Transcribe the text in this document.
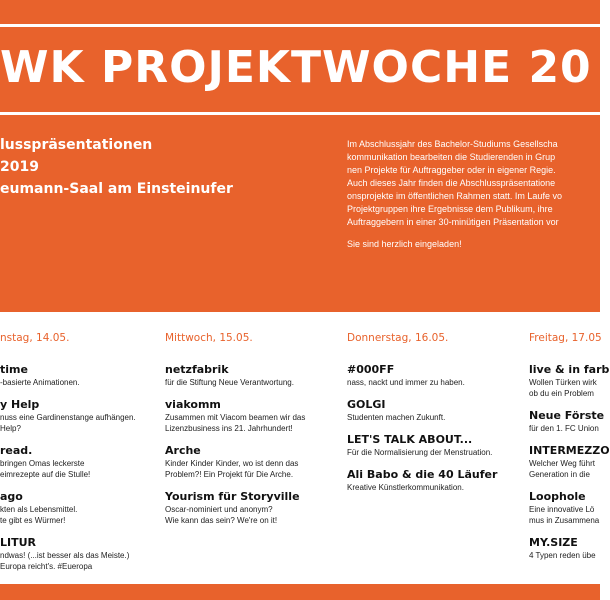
WK PROJEKTWOCHE 20
lusspräsentationen
2019
eumann-Saal am Einsteinufer
Im Abschlussjahr des Bachelor-Studiums Gesellscha
kommunikation bearbeiten die Studierenden in Grup
nen Projekte für Auftraggeber oder in eigener Regie.
Auch dieses Jahr finden die Abschlusspräsentatione
onsprojekte im öffentlichen Rahmen statt. Im Laufe vo
Projektgruppen ihre Ergebnisse dem Publikum, ihre
Auftraggebern in einer 30-minütigen Präsentation vor
Sie sind herzlich eingeladen!
nstag, 14.05.
time
-basierte Animationen.
y Help
nuss eine Gardinenstange aufhängen.
Help?
read.
bringen Omas leckerste
eimrezepte auf die Stulle!
ago
kten als Lebensmittel.
te gibt es Würmer!
LITUR
ndwas! (...ist besser als das Meiste.)
Europa reicht's. #Eueropa
Mittwoch, 15.05.
netzfabrik
für die Stiftung Neue Verantwortung.
viakomm
Zusammen mit Viacom beamen wir das
Lizenzbusiness ins 21. Jahrhundert!
Arche
Kinder Kinder Kinder, wo ist denn das
Problem?! Ein Projekt für Die Arche.
Yourism für Storyville
Oscar-nominiert und anonym?
Wie kann das sein? We're on it!
Donnerstag, 16.05.
#000FF
nass, nackt und immer zu haben.
GOLGI
Studenten machen Zukunft.
LET'S TALK ABOUT...
Für die Normalisierung der Menstruation.
Ali Babo & die 40 Läufer
Kreative Künstlerkommunikation.
Freitag, 17.05
live & in farb
Wollen Türken wirk
ob du ein Problem
Neue Förste
für den 1. FC Union
INTERMEZZO
Welcher Weg führt
Generation in die
Loophole
Eine innovative Lö
mus in Zusammena
MY.SIZE
4 Typen reden übe
